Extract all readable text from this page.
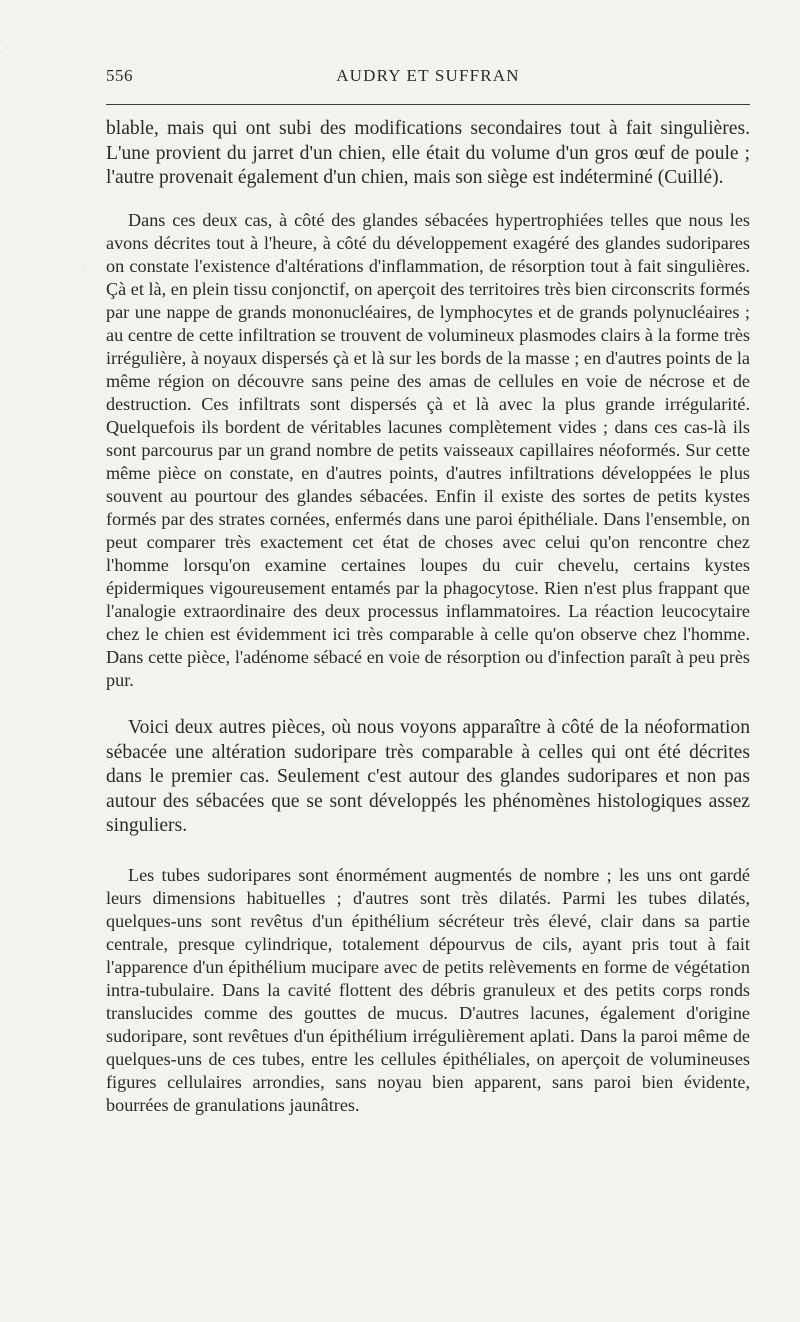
556	AUDRY ET SUFFRAN

blable, mais qui ont subi des modifications secondaires tout à fait singulières. L'une provient du jarret d'un chien, elle était du volume d'un gros œuf de poule ; l'autre provenait également d'un chien, mais son siège est indéterminé (Cuillé).

Dans ces deux cas, à côté des glandes sébacées hypertrophiées telles que nous les avons décrites tout à l'heure, à côté du développement exagéré des glandes sudoripares on constate l'existence d'altérations d'inflammation, de résorption tout à fait singulières. Çà et là, en plein tissu conjonctif, on aperçoit des territoires très bien circonscrits formés par une nappe de grands mononucléaires, de lymphocytes et de grands polynucléaires ; au centre de cette infiltration se trouvent de volumineux plasmodes clairs à la forme très irrégulière, à noyaux dispersés çà et là sur les bords de la masse ; en d'autres points de la même région on découvre sans peine des amas de cellules en voie de nécrose et de destruction. Ces infiltrats sont dispersés çà et là avec la plus grande irrégularité. Quelquefois ils bordent de véritables lacunes complètement vides ; dans ces cas-là ils sont parcourus par un grand nombre de petits vaisseaux capillaires néoformés. Sur cette même pièce on constate, en d'autres points, d'autres infiltrations développées le plus souvent au pourtour des glandes sébacées. Enfin il existe des sortes de petits kystes formés par des strates cornées, enfermés dans une paroi épithéliale. Dans l'ensemble, on peut comparer très exactement cet état de choses avec celui qu'on rencontre chez l'homme lorsqu'on examine certaines loupes du cuir chevelu, certains kystes épidermiques vigoureusement entamés par la phagocytose. Rien n'est plus frappant que l'analogie extraordinaire des deux processus inflammatoires. La réaction leucocytaire chez le chien est évidemment ici très comparable à celle qu'on observe chez l'homme. Dans cette pièce, l'adénome sébacé en voie de résorption ou d'infection paraît à peu près pur.

Voici deux autres pièces, où nous voyons apparaître à côté de la néoformation sébacée une altération sudoripare très comparable à celles qui ont été décrites dans le premier cas. Seulement c'est autour des glandes sudoripares et non pas autour des sébacées que se sont développés les phénomènes histologiques assez singuliers.

Les tubes sudoripares sont énormément augmentés de nombre ; les uns ont gardé leurs dimensions habituelles ; d'autres sont très dilatés. Parmi les tubes dilatés, quelques-uns sont revêtus d'un épithélium sécréteur très élevé, clair dans sa partie centrale, presque cylindrique, totalement dépourvus de cils, ayant pris tout à fait l'apparence d'un épithélium mucipare avec de petits relèvements en forme de végétation intra-tubulaire. Dans la cavité flottent des débris granuleux et des petits corps ronds translucides comme des gouttes de mucus. D'autres lacunes, également d'origine sudoripare, sont revêtues d'un épithélium irrégulièrement aplati. Dans la paroi même de quelques-uns de ces tubes, entre les cellules épithéliales, on aperçoit de volumineuses figures cellulaires arrondies, sans noyau bien apparent, sans paroi bien évidente, bourrées de granulations jaunâtres.
